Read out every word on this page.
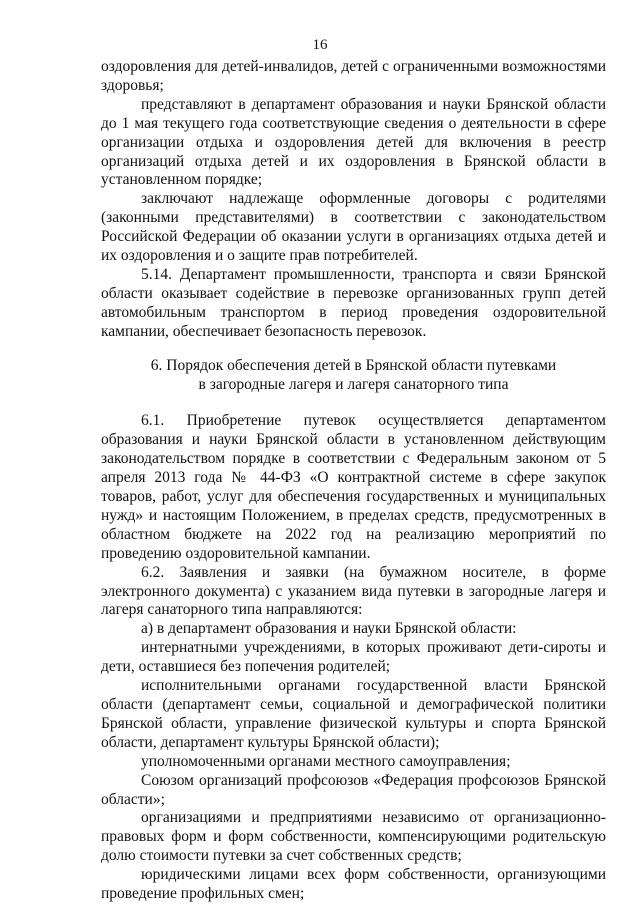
16

оздоровления для детей-инвалидов, детей с ограниченными возможностями здоровья;

представляют в департамент образования и науки Брянской области до 1 мая текущего года соответствующие сведения о деятельности в сфере организации отдыха и оздоровления детей для включения в реестр организаций отдыха детей и их оздоровления в Брянской области в установленном порядке;

заключают надлежаще оформленные договоры с родителями (законными представителями) в соответствии с законодательством Российской Федерации об оказании услуги в организациях отдыха детей и их оздоровления и о защите прав потребителей.

5.14. Департамент промышленности, транспорта и связи Брянской области оказывает содействие в перевозке организованных групп детей автомобильным транспортом в период проведения оздоровительной кампании, обеспечивает безопасность перевозок.

6. Порядок обеспечения детей в Брянской области путевками
в загородные лагеря и лагеря санаторного типа

6.1. Приобретение путевок осуществляется департаментом образования и науки Брянской области в установленном действующим законодательством порядке в соответствии с Федеральным законом от 5 апреля 2013 года № 44-ФЗ «О контрактной системе в сфере закупок товаров, работ, услуг для обеспечения государственных и муниципальных нужд» и настоящим Положением, в пределах средств, предусмотренных в областном бюджете на 2022 год на реализацию мероприятий по проведению оздоровительной кампании.

6.2. Заявления и заявки (на бумажном носителе, в форме электронного документа) с указанием вида путевки в загородные лагеря и лагеря санаторного типа направляются:

а) в департамент образования и науки Брянской области:

интернатными учреждениями, в которых проживают дети-сироты и дети, оставшиеся без попечения родителей;

исполнительными органами государственной власти Брянской области (департамент семьи, социальной и демографической политики Брянской области, управление физической культуры и спорта Брянской области, департамент культуры Брянской области);

уполномоченными органами местного самоуправления;

Союзом организаций профсоюзов «Федерация профсоюзов Брянской области»;

организациями и предприятиями независимо от организационно-правовых форм и форм собственности, компенсирующими родительскую долю стоимости путевки за счет собственных средств;

юридическими лицами всех форм собственности, организующими проведение профильных смен;
